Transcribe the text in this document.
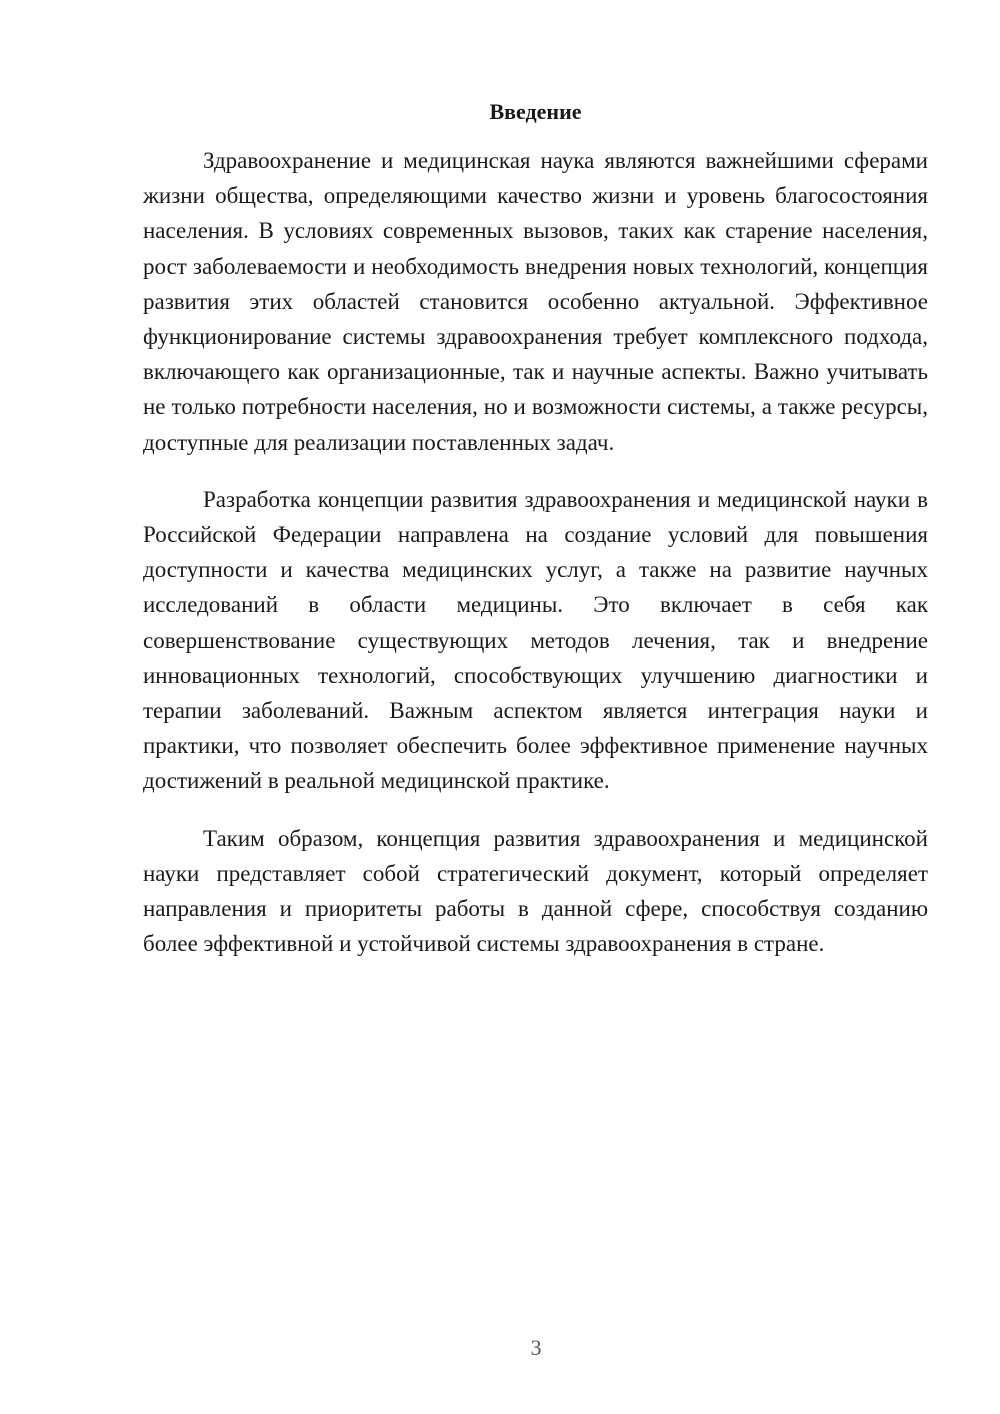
Введение

Здравоохранение и медицинская наука являются важнейшими сферами жизни общества, определяющими качество жизни и уровень благосостояния населения. В условиях современных вызовов, таких как старение населения, рост заболеваемости и необходимость внедрения новых технологий, концепция развития этих областей становится особенно актуальной. Эффективное функционирование системы здравоохранения требует комплексного подхода, включающего как организационные, так и научные аспекты. Важно учитывать не только потребности населения, но и возможности системы, а также ресурсы, доступные для реализации поставленных задач.

Разработка концепции развития здравоохранения и медицинской науки в Российской Федерации направлена на создание условий для повышения доступности и качества медицинских услуг, а также на развитие научных исследований в области медицины. Это включает в себя как совершенствование существующих методов лечения, так и внедрение инновационных технологий, способствующих улучшению диагностики и терапии заболеваний. Важным аспектом является интеграция науки и практики, что позволяет обеспечить более эффективное применение научных достижений в реальной медицинской практике.

Таким образом, концепция развития здравоохранения и медицинской науки представляет собой стратегический документ, который определяет направления и приоритеты работы в данной сфере, способствуя созданию более эффективной и устойчивой системы здравоохранения в стране.

3
